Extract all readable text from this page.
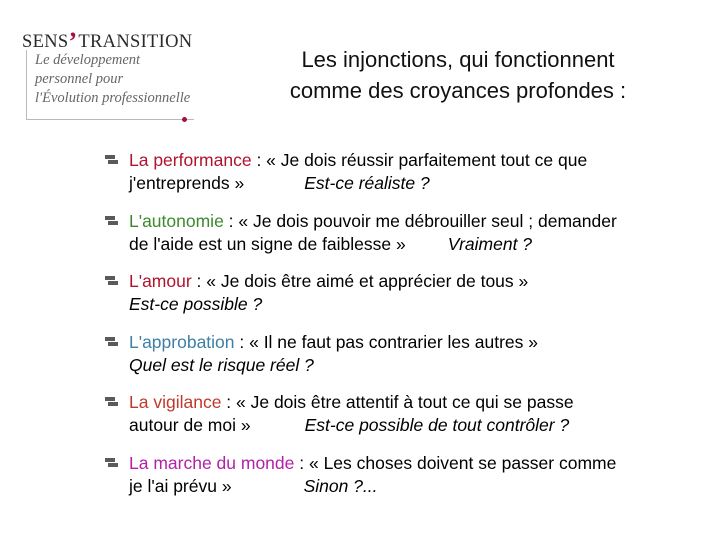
SENS’TRANSITION
Le développement
personnel pour
l'Évolution professionnelle
Les injonctions, qui fonctionnent
comme des croyances profondes :
La performance : « Je dois réussir parfaitement tout ce que
j'entreprends »	Est-ce réaliste ?
L'autonomie : « Je dois pouvoir me débrouiller seul ; demander
de l'aide est un signe de faiblesse » Vraiment ?
L'amour : « Je dois être aimé et apprécier de tous »
Est-ce possible ?
L'approbation : « Il ne faut pas contrarier les autres »
Quel est le risque réel ?
La vigilance : « Je dois être attentif à tout ce qui se passe
autour de moi »	Est-ce possible de tout contrôler ?
La marche du monde : « Les choses doivent se passer comme
je l'ai prévu »	Sinon ?...
